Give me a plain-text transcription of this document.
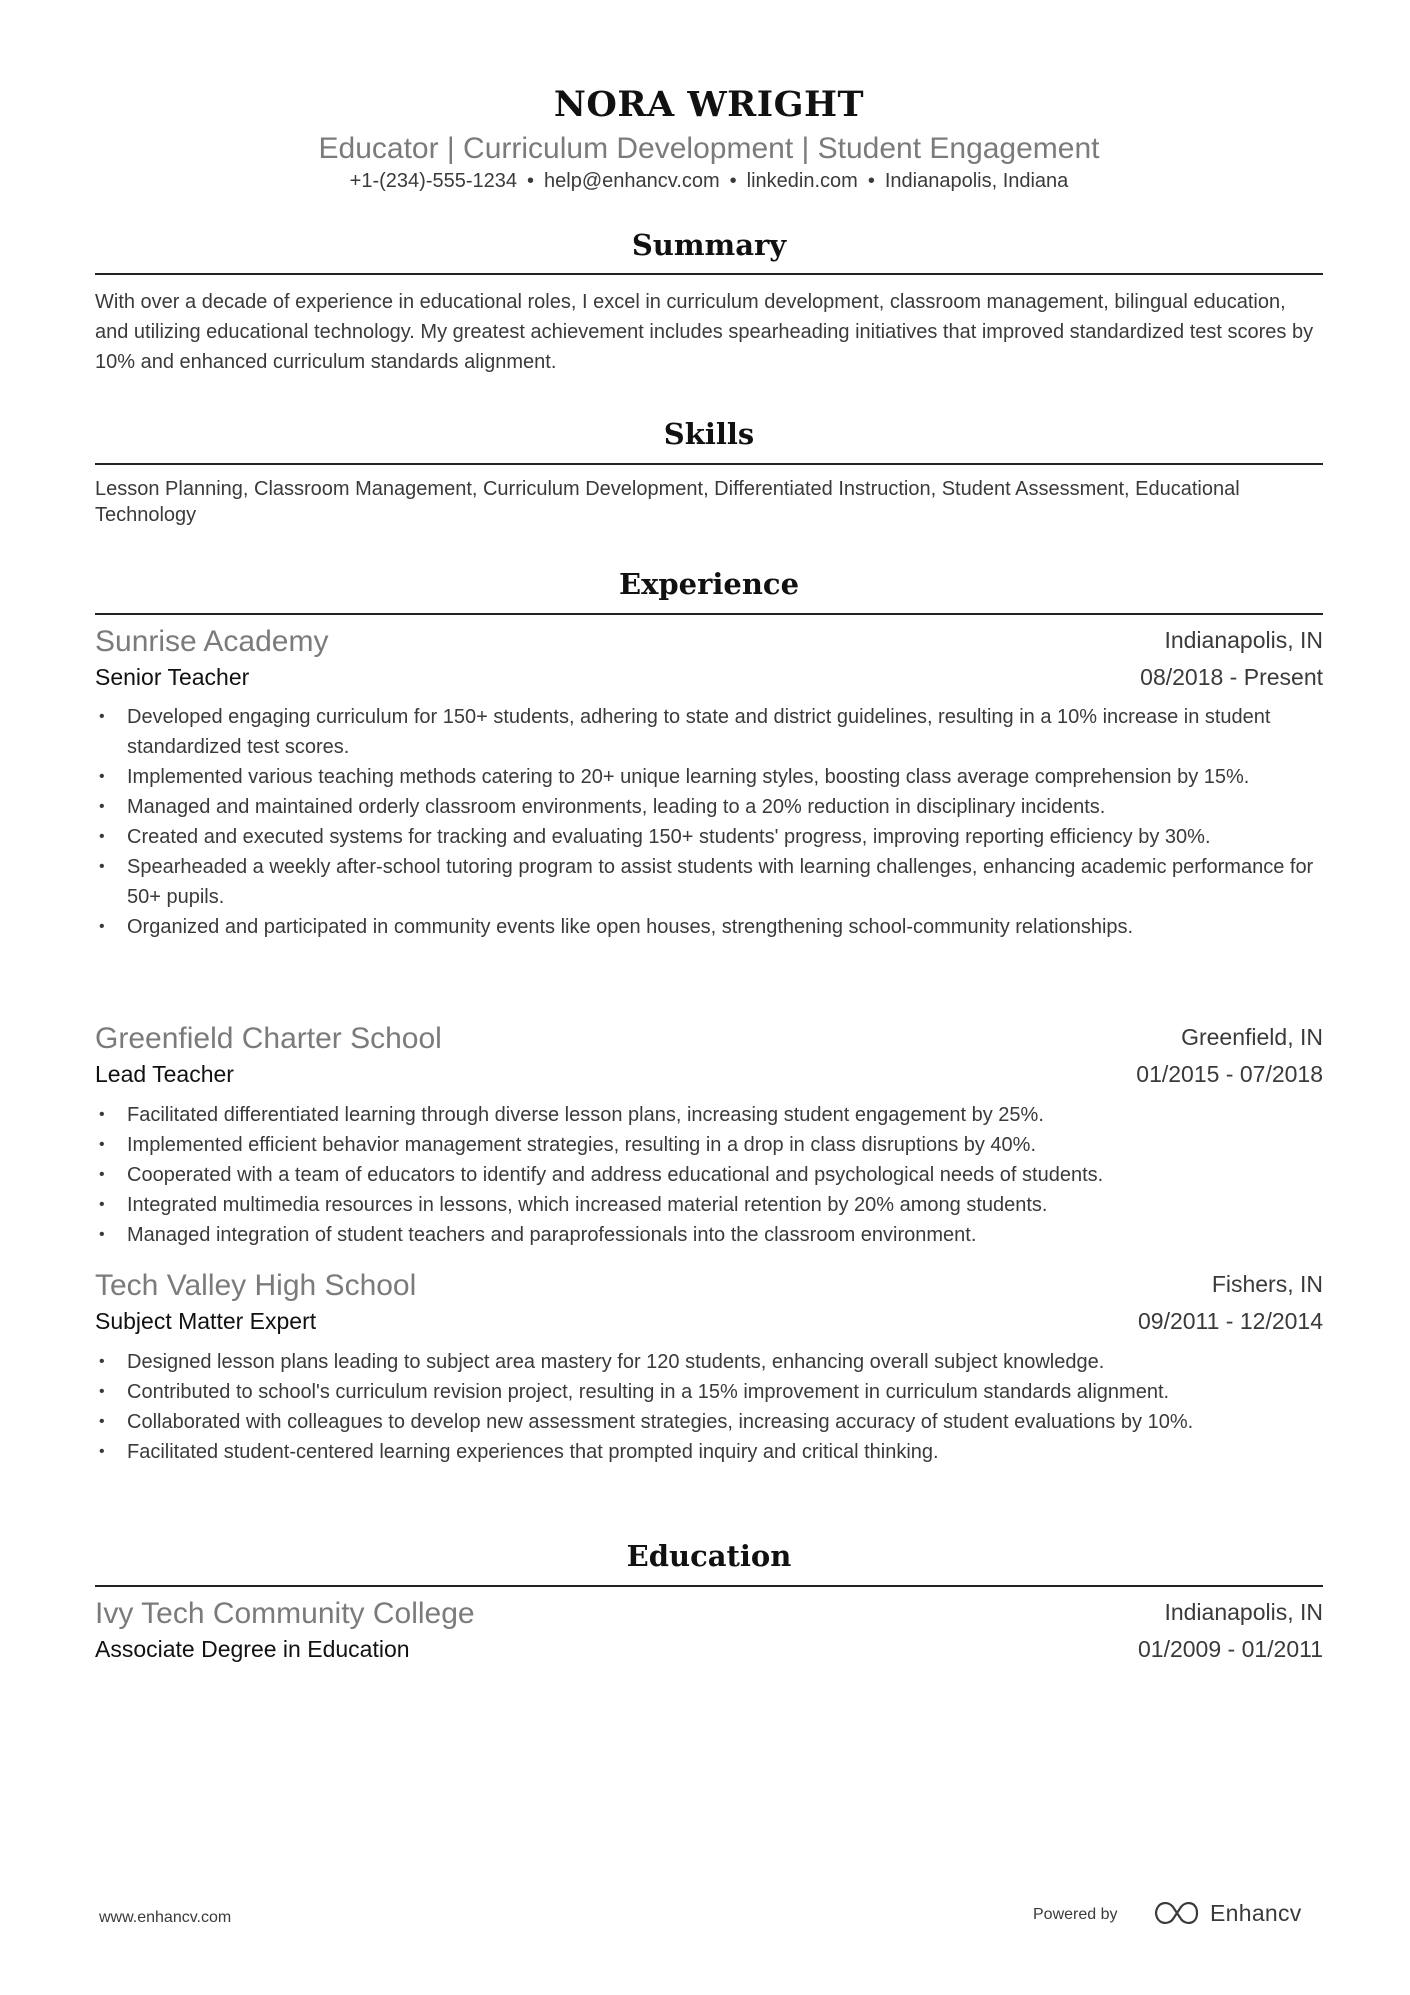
NORA WRIGHT
Educator | Curriculum Development | Student Engagement
+1-(234)-555-1234 • help@enhancv.com • linkedin.com • Indianapolis, Indiana
Summary
With over a decade of experience in educational roles, I excel in curriculum development, classroom management, bilingual education, and utilizing educational technology. My greatest achievement includes spearheading initiatives that improved standardized test scores by 10% and enhanced curriculum standards alignment.
Skills
Lesson Planning, Classroom Management, Curriculum Development, Differentiated Instruction, Student Assessment, Educational Technology
Experience
Sunrise Academy	Indianapolis, IN
Senior Teacher	08/2018 - Present
• Developed engaging curriculum for 150+ students, adhering to state and district guidelines, resulting in a 10% increase in student standardized test scores.
• Implemented various teaching methods catering to 20+ unique learning styles, boosting class average comprehension by 15%.
• Managed and maintained orderly classroom environments, leading to a 20% reduction in disciplinary incidents.
• Created and executed systems for tracking and evaluating 150+ students' progress, improving reporting efficiency by 30%.
• Spearheaded a weekly after-school tutoring program to assist students with learning challenges, enhancing academic performance for 50+ pupils.
• Organized and participated in community events like open houses, strengthening school-community relationships.
Greenfield Charter School	Greenfield, IN
Lead Teacher	01/2015 - 07/2018
• Facilitated differentiated learning through diverse lesson plans, increasing student engagement by 25%.
• Implemented efficient behavior management strategies, resulting in a drop in class disruptions by 40%.
• Cooperated with a team of educators to identify and address educational and psychological needs of students.
• Integrated multimedia resources in lessons, which increased material retention by 20% among students.
• Managed integration of student teachers and paraprofessionals into the classroom environment.
Tech Valley High School	Fishers, IN
Subject Matter Expert	09/2011 - 12/2014
• Designed lesson plans leading to subject area mastery for 120 students, enhancing overall subject knowledge.
• Contributed to school's curriculum revision project, resulting in a 15% improvement in curriculum standards alignment.
• Collaborated with colleagues to develop new assessment strategies, increasing accuracy of student evaluations by 10%.
• Facilitated student-centered learning experiences that prompted inquiry and critical thinking.
Education
Ivy Tech Community College	Indianapolis, IN
Associate Degree in Education	01/2009 - 01/2011
www.enhancv.com	Powered by	Enhancv
